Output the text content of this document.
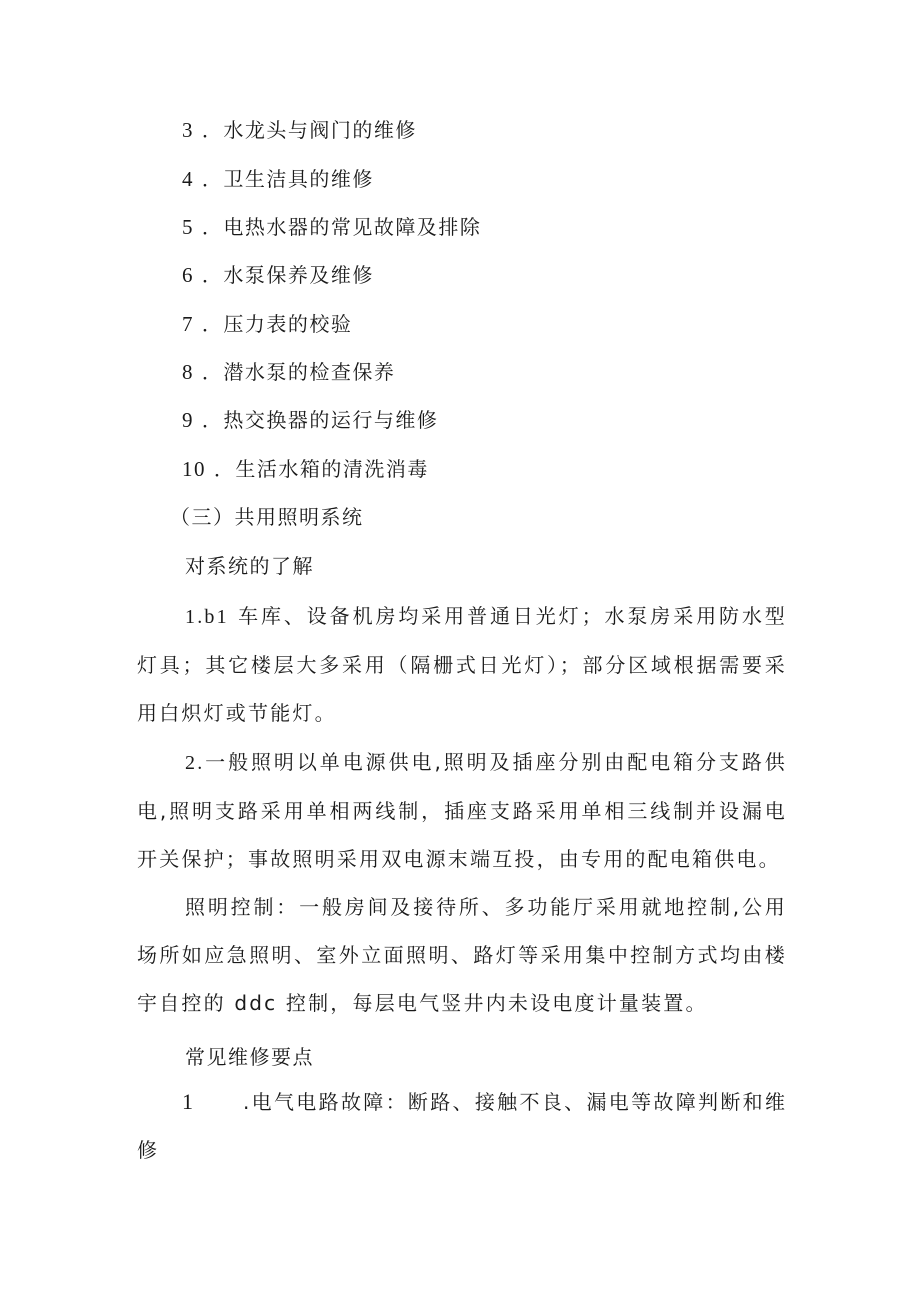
3 ．水龙头与阀门的维修
4 ．卫生洁具的维修
5 ．电热水器的常见故障及排除
6 ．水泵保养及维修
7 ．压力表的校验
8 ．潜水泵的检查保养
9 ．热交换器的运行与维修
10 ．生活水箱的清洗消毒
（三）共用照明系统
对系统的了解
1.b1 车库、设备机房均采用普通日光灯；水泵房采用防水型灯具；其它楼层大多采用（隔栅式日光灯）；部分区域根据需要采用白炽灯或节能灯。
2.一般照明以单电源供电,照明及插座分别由配电箱分支路供电,照明支路采用单相两线制，插座支路采用单相三线制并设漏电开关保护；事故照明采用双电源末端互投，由专用的配电箱供电。
照明控制：一般房间及接待所、多功能厅采用就地控制,公用场所如应急照明、室外立面照明、路灯等采用集中控制方式均由楼宇自控的 ddc 控制，每层电气竖井内未设电度计量装置。
常见维修要点
1	.电气电路故障：断路、接触不良、漏电等故障判断和维修
